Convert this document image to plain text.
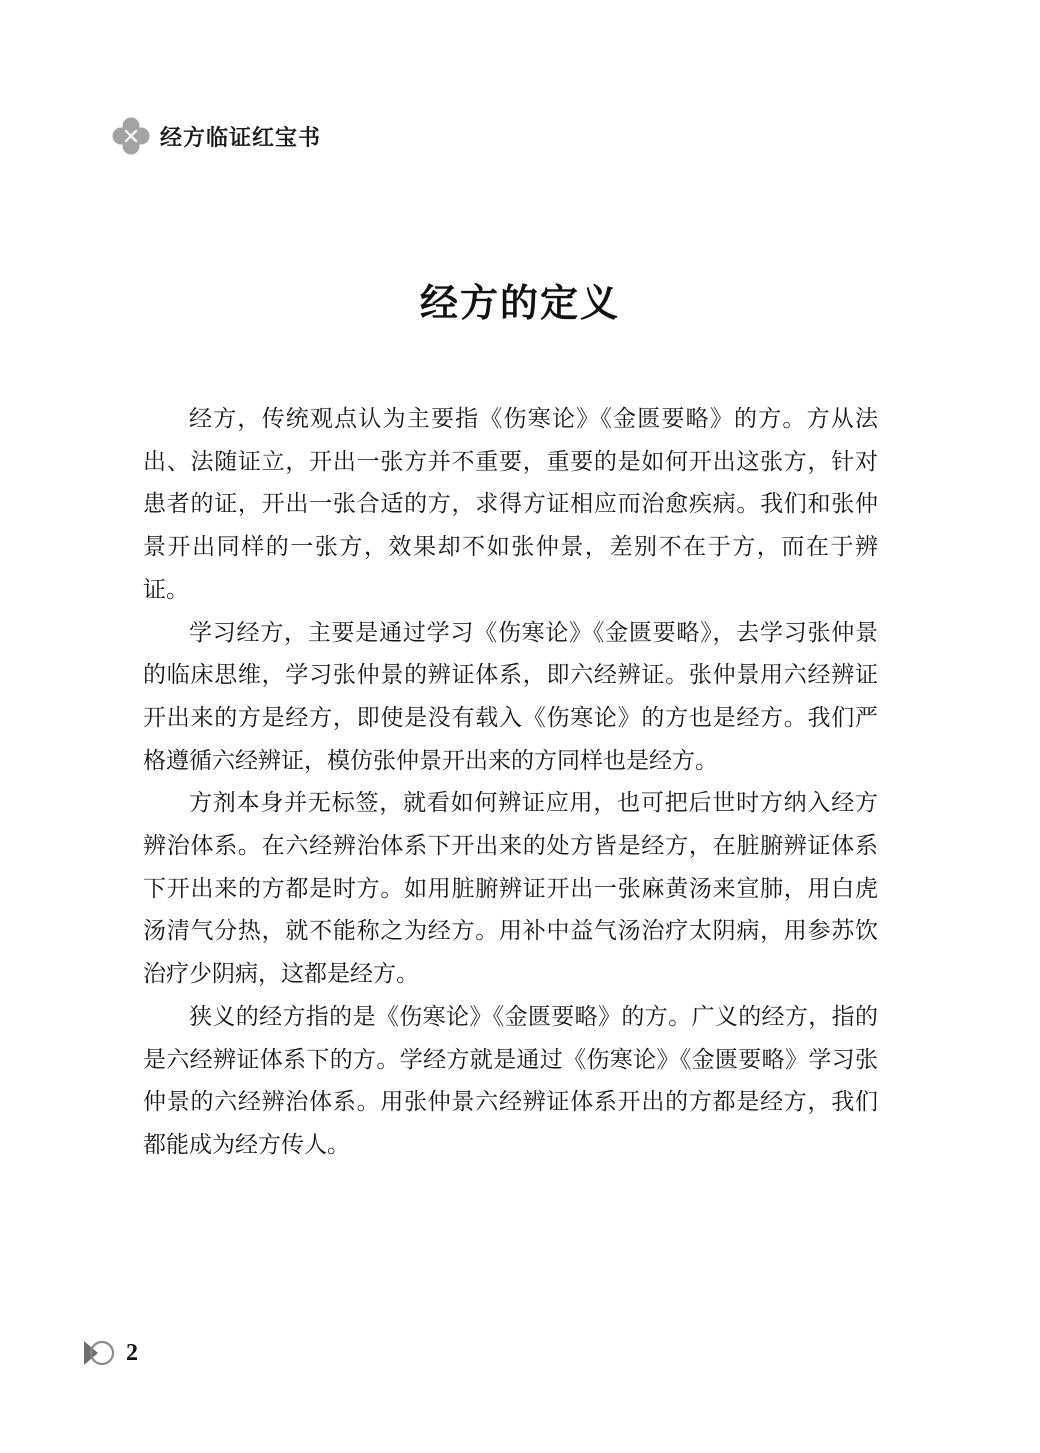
经方临证红宝书
经方的定义

经方，传统观点认为主要指《伤寒论》《金匮要略》的方。方从法出、法随证立，开出一张方并不重要，重要的是如何开出这张方，针对患者的证，开出一张合适的方，求得方证相应而治愈疾病。我们和张仲景开出同样的一张方，效果却不如张仲景，差别不在于方，而在于辨证。

学习经方，主要是通过学习《伤寒论》《金匮要略》，去学习张仲景的临床思维，学习张仲景的辨证体系，即六经辨证。张仲景用六经辨证开出来的方是经方，即使是没有载入《伤寒论》的方也是经方。我们严格遵循六经辨证，模仿张仲景开出来的方同样也是经方。

方剂本身并无标签，就看如何辨证应用，也可把后世时方纳入经方辨治体系。在六经辨治体系下开出来的处方皆是经方，在脏腑辨证体系下开出来的方都是时方。如用脏腑辨证开出一张麻黄汤来宣肺，用白虎汤清气分热，就不能称之为经方。用补中益气汤治疗太阴病，用参苏饮治疗少阴病，这都是经方。

狭义的经方指的是《伤寒论》《金匮要略》的方。广义的经方，指的是六经辨证体系下的方。学经方就是通过《伤寒论》《金匮要略》学习张仲景的六经辨治体系。用张仲景六经辨证体系开出的方都是经方，我们都能成为经方传人。

2
